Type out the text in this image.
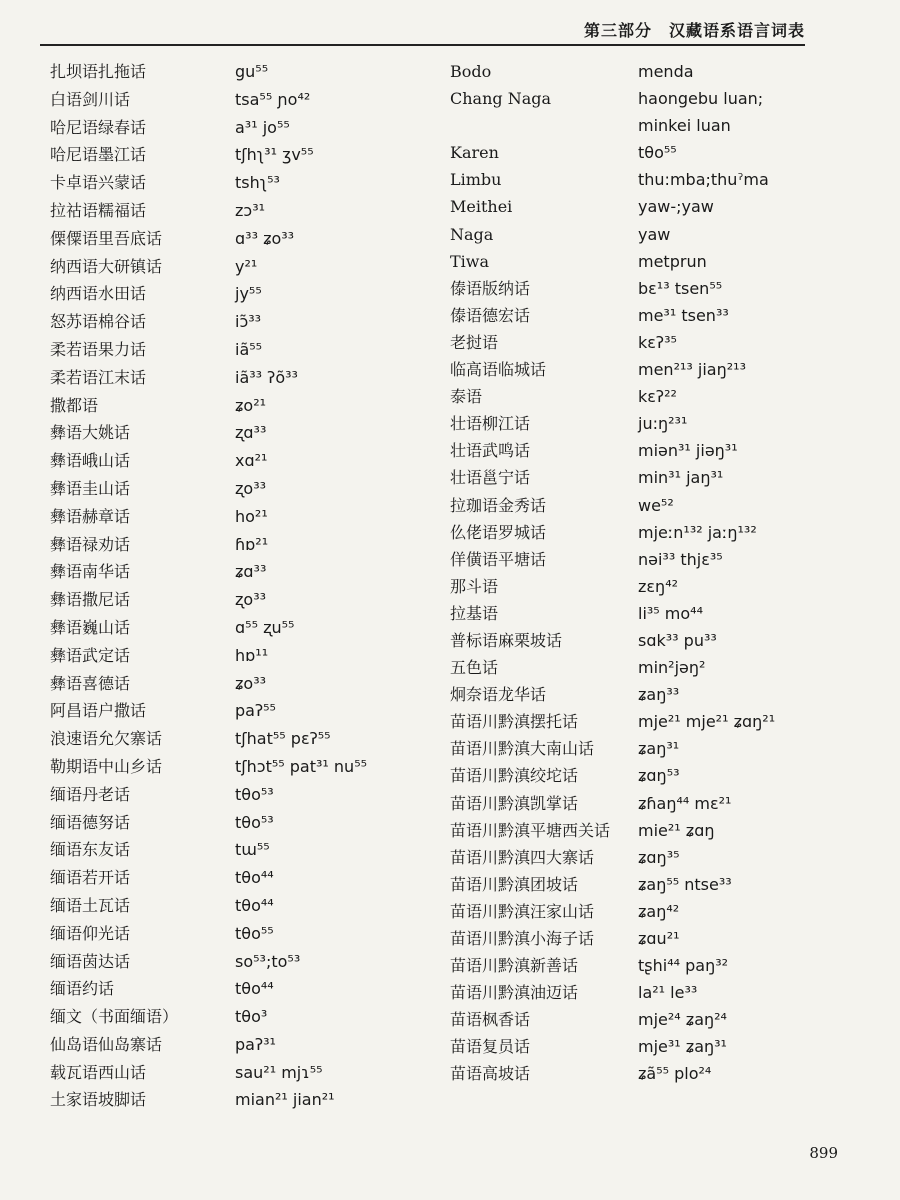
第三部分　汉藏语系语言词表
扎坝语扎拖话	gu⁵⁵
白语剑川话	tsa⁵⁵ ɲo⁴²
哈尼语绿春话	a³¹ jo⁵⁵
哈尼语墨江话	tʃhʅ³¹ ʒv⁵⁵
卡卓语兴蒙话	tshʅ⁵³
拉祜语糯福话	zɔ³¹
傈僳语里吾底话	ɑ³³ ʑo³³
纳西语大研镇话	y²¹
纳西语水田话	jy⁵⁵
怒苏语棉谷话	iɔ̃³³
柔若语果力话	iã⁵⁵
柔若语江末话	iã³³ ʔõ³³
撒都语	ʑo²¹
彝语大姚话	ʐɑ³³
彝语峨山话	xɑ²¹
彝语圭山话	ʐo³³
彝语赫章话	ho²¹
彝语禄劝话	ɦɒ²¹
彝语南华话	ʑɑ³³
彝语撒尼话	ʐo³³
彝语巍山话	ɑ⁵⁵ ʐu⁵⁵
彝语武定话	hɒ¹¹
彝语喜德话	ʑo³³
阿昌语户撒话	paʔ⁵⁵
浪速语允欠寨话	tʃhat⁵⁵ pɛʔ⁵⁵
勒期语中山乡话	tʃhɔt⁵⁵ pat³¹ nu⁵⁵
缅语丹老话	tθo⁵³
缅语德努话	tθo⁵³
缅语东友话	tɯ⁵⁵
缅语若开话	tθo⁴⁴
缅语土瓦话	tθo⁴⁴
缅语仰光话	tθo⁵⁵
缅语茵达话	so⁵³;to⁵³
缅语约话	tθo⁴⁴
缅文（书面缅语）	tθo³
仙岛语仙岛寨话	paʔ³¹
载瓦语西山话	sau²¹ mjɿ⁵⁵
土家语坡脚话	mian²¹ jian²¹
Bodo	menda
Chang Naga	haongebu luan;
minkei luan
Karen	tθo⁵⁵
Limbu	thu:mba;thuˀma
Meithei	yaw-;yaw
Naga	yaw
Tiwa	metprun
傣语版纳话	bɛ¹³ tsen⁵⁵
傣语德宏话	me³¹ tsen³³
老挝语	kɛʔ³⁵
临高语临城话	men²¹³ jiaŋ²¹³
泰语	kɛʔ²²
壮语柳江话	ju:ŋ²³¹
壮语武鸣话	miən³¹ jiəŋ³¹
壮语邕宁话	min³¹ jaŋ³¹
拉珈语金秀话	we⁵²
仫佬语罗城话	mjeːn¹³² jaːŋ¹³²
佯僙语平塘话	nəi³³ thjɛ³⁵
那斗语	zɛŋ⁴²
拉基语	li³⁵ mo⁴⁴
普标语麻栗坡话	sɑk³³ pu³³
五色话	min²jəŋ²
炯奈语龙华话	ʑaŋ³³
苗语川黔滇摆托话	mje²¹ mje²¹ ʑɑŋ²¹
苗语川黔滇大南山话	ʑaŋ³¹
苗语川黔滇绞坨话	ʑɑŋ⁵³
苗语川黔滇凯掌话	ʑɦaŋ⁴⁴ mɛ²¹
苗语川黔滇平塘西关话 mie²¹ ʑɑŋ
苗语川黔滇四大寨话	ʑɑŋ³⁵
苗语川黔滇团坡话	ʑaŋ⁵⁵ ntse³³
苗语川黔滇汪家山话	ʑaŋ⁴²
苗语川黔滇小海子话	ʑɑu²¹
苗语川黔滇新善话	tʂhi⁴⁴ paŋ³²
苗语川黔滇油迈话	la²¹ le³³
苗语枫香话	mje²⁴ ʑaŋ²⁴
苗语复员话	mje³¹ ʑaŋ³¹
苗语高坡话	ʑã⁵⁵ plo²⁴
899
